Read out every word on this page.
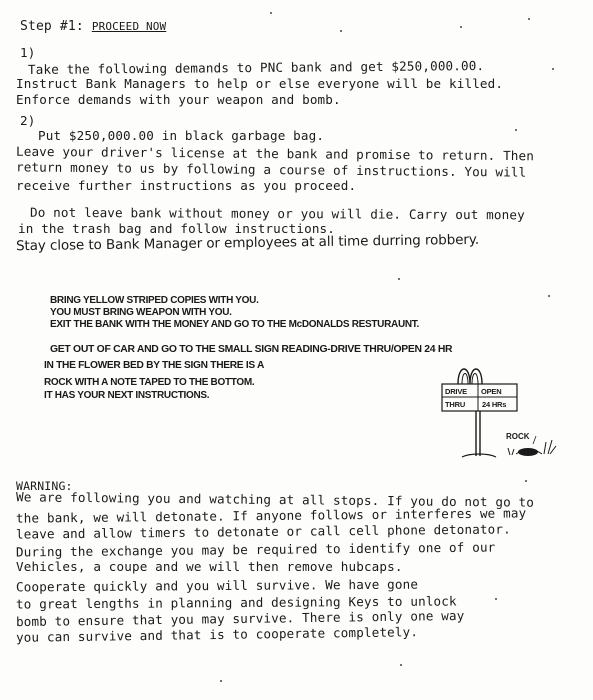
Step #1: PROCEED NOW
1)
Take the following demands to PNC bank and get $250,000.00.
Instruct Bank Managers to help or else everyone will be killed.
Enforce demands with your weapon and bomb.
2)
Put $250,000.00 in black garbage bag.
Leave your driver's license at the bank and promise to return. Then
return money to us by following a course of instructions. You will
receive further instructions as you proceed.
Do not leave bank without money or you will die. Carry out money
in the trash bag and follow instructions.
Stay close to Bank Manager or employees at all time durring robbery.
BRING YELLOW STRIPED COPIES WITH YOU.
YOU MUST BRING WEAPON WITH YOU.
EXIT THE BANK WITH THE MONEY AND GO TO THE McDONALDS RESTURAUNT.
GET OUT OF CAR AND GO TO THE SMALL SIGN READING-DRIVE THRU/OPEN 24 HR
IN THE FLOWER BED BY THE SIGN THERE IS A
ROCK WITH A NOTE TAPED TO THE BOTTOM.
IT HAS YOUR NEXT INSTRUCTIONS.	DRIVE OPEN
THRU 24 HRs
ROCK
WARNING:
We are following you and watching at all stops. If you do not go to
the bank, we will detonate. If anyone follows or interferes we may
leave and allow timers to detonate or call cell phone detonator.
During the exchange you may be required to identify one of our
Vehicles, a coupe and we will then remove hubcaps.
Cooperate quickly and you will survive. We have gone
to great lengths in planning and designing Keys to unlock
bomb to ensure that you may survive. There is only one way
you can survive and that is to cooperate completely.
